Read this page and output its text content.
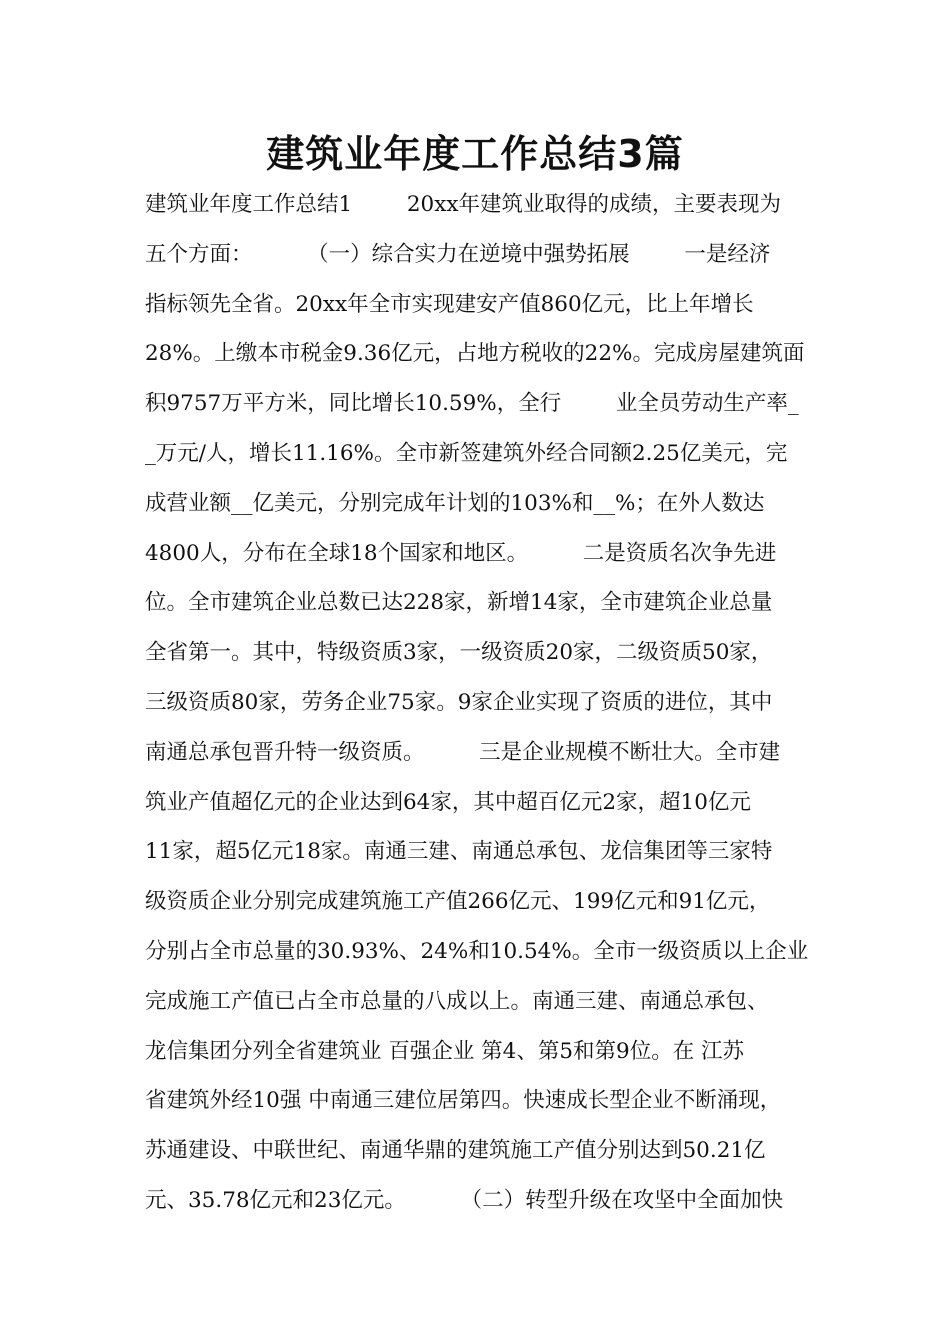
建筑业年度工作总结3篇
建筑业年度工作总结1        20xx年建筑业取得的成绩，主要表现为
五个方面：        （一）综合实力在逆境中强势拓展        一是经济
指标领先全省。20xx年全市实现建安产值860亿元，比上年增长
28%。上缴本市税金9.36亿元，占地方税收的22%。完成房屋建筑面
积9757万平方米，同比增长10.59%，全行        业全员劳动生产率_
_万元/人，增长11.16%。全市新签建筑外经合同额2.25亿美元，完
成营业额__亿美元，分别完成年计划的103%和__%；在外人数达
4800人，分布在全球18个国家和地区。        二是资质名次争先进
位。全市建筑企业总数已达228家，新增14家，全市建筑企业总量
全省第一。其中，特级资质3家，一级资质20家，二级资质50家，
三级资质80家，劳务企业75家。9家企业实现了资质的进位，其中
南通总承包晋升特一级资质。        三是企业规模不断壮大。全市建
筑业产值超亿元的企业达到64家，其中超百亿元2家，超10亿元
11家，超5亿元18家。南通三建、南通总承包、龙信集团等三家特
级资质企业分别完成建筑施工产值266亿元、199亿元和91亿元，
分别占全市总量的30.93%、24%和10.54%。全市一级资质以上企业
完成施工产值已占全市总量的八成以上。南通三建、南通总承包、
龙信集团分列全省建筑业 百强企业 第4、第5和第9位。在 江苏
省建筑外经10强 中南通三建位居第四。快速成长型企业不断涌现，
苏通建设、中联世纪、南通华鼎的建筑施工产值分别达到50.21亿
元、35.78亿元和23亿元。        （二）转型升级在攻坚中全面加快
